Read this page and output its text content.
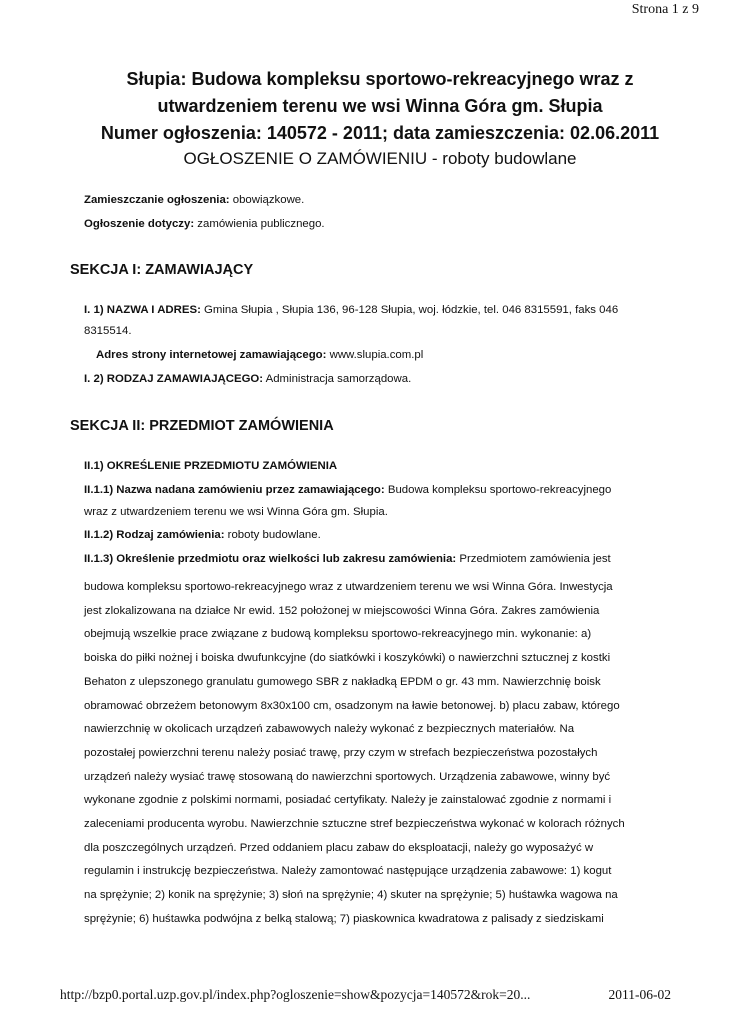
Strona 1 z 9
Słupia: Budowa kompleksu sportowo-rekreacyjnego wraz z
utwardzeniem terenu we wsi Winna Góra gm. Słupia
Numer ogłoszenia: 140572 - 2011; data zamieszczenia: 02.06.2011
OGŁOSZENIE O ZAMÓWIENIU - roboty budowlane
Zamieszczanie ogłoszenia: obowiązkowe.
Ogłoszenie dotyczy: zamówienia publicznego.
SEKCJA I: ZAMAWIAJĄCY
I. 1) NAZWA I ADRES: Gmina Słupia , Słupia 136, 96-128 Słupia, woj. łódzkie, tel. 046 8315591, faks 046
8315514.
Adres strony internetowej zamawiającego: www.slupia.com.pl
I. 2) RODZAJ ZAMAWIAJĄCEGO: Administracja samorządowa.
SEKCJA II: PRZEDMIOT ZAMÓWIENIA
II.1) OKREŚLENIE PRZEDMIOTU ZAMÓWIENIA
II.1.1) Nazwa nadana zamówieniu przez zamawiającego: Budowa kompleksu sportowo-rekreacyjnego
wraz z utwardzeniem terenu we wsi Winna Góra gm. Słupia.
II.1.2) Rodzaj zamówienia: roboty budowlane.
II.1.3) Określenie przedmiotu oraz wielkości lub zakresu zamówienia: Przedmiotem zamówienia jest
budowa kompleksu sportowo-rekreacyjnego wraz z utwardzeniem terenu we wsi Winna Góra. Inwestycja
jest zlokalizowana na działce Nr ewid. 152 położonej w miejscowości Winna Góra. Zakres zamówienia
obejmują wszelkie prace związane z budową kompleksu sportowo-rekreacyjnego min. wykonanie: a)
boiska do piłki nożnej i boiska dwufunkcyjne (do siatkówki i koszykówki) o nawierzchni sztucznej z kostki
Behaton z ulepszonego granulatu gumowego SBR z nakładką EPDM o gr. 43 mm. Nawierzchnię boisk
obramować obrzeżem betonowym 8x30x100 cm, osadzonym na ławie betonowej. b) placu zabaw, którego
nawierzchnię w okolicach urządzeń zabawowych należy wykonać z bezpiecznych materiałów. Na
pozostałej powierzchni terenu należy posiać trawę, przy czym w strefach bezpieczeństwa pozostałych
urządzeń należy wysiać trawę stosowaną do nawierzchni sportowych. Urządzenia zabawowe, winny być
wykonane zgodnie z polskimi normami, posiadać certyfikaty. Należy je zainstalować zgodnie z normami i
zaleceniami producenta wyrobu. Nawierzchnie sztuczne stref bezpieczeństwa wykonać w kolorach różnych
dla poszczególnych urządzeń. Przed oddaniem placu zabaw do eksploatacji, należy go wyposażyć w
regulamin i instrukcję bezpieczeństwa. Należy zamontować następujące urządzenia zabawowe: 1) kogut
na sprężynie; 2) konik na sprężynie; 3) słoń na sprężynie; 4) skuter na sprężynie; 5) huśtawka wagowa na
sprężynie; 6) huśtawka podwójna z belką stalową; 7) piaskownica kwadratowa z palisady z siedziskami
http://bzp0.portal.uzp.gov.pl/index.php?ogloszenie=show&pozycja=140572&rok=20...	2011-06-02
